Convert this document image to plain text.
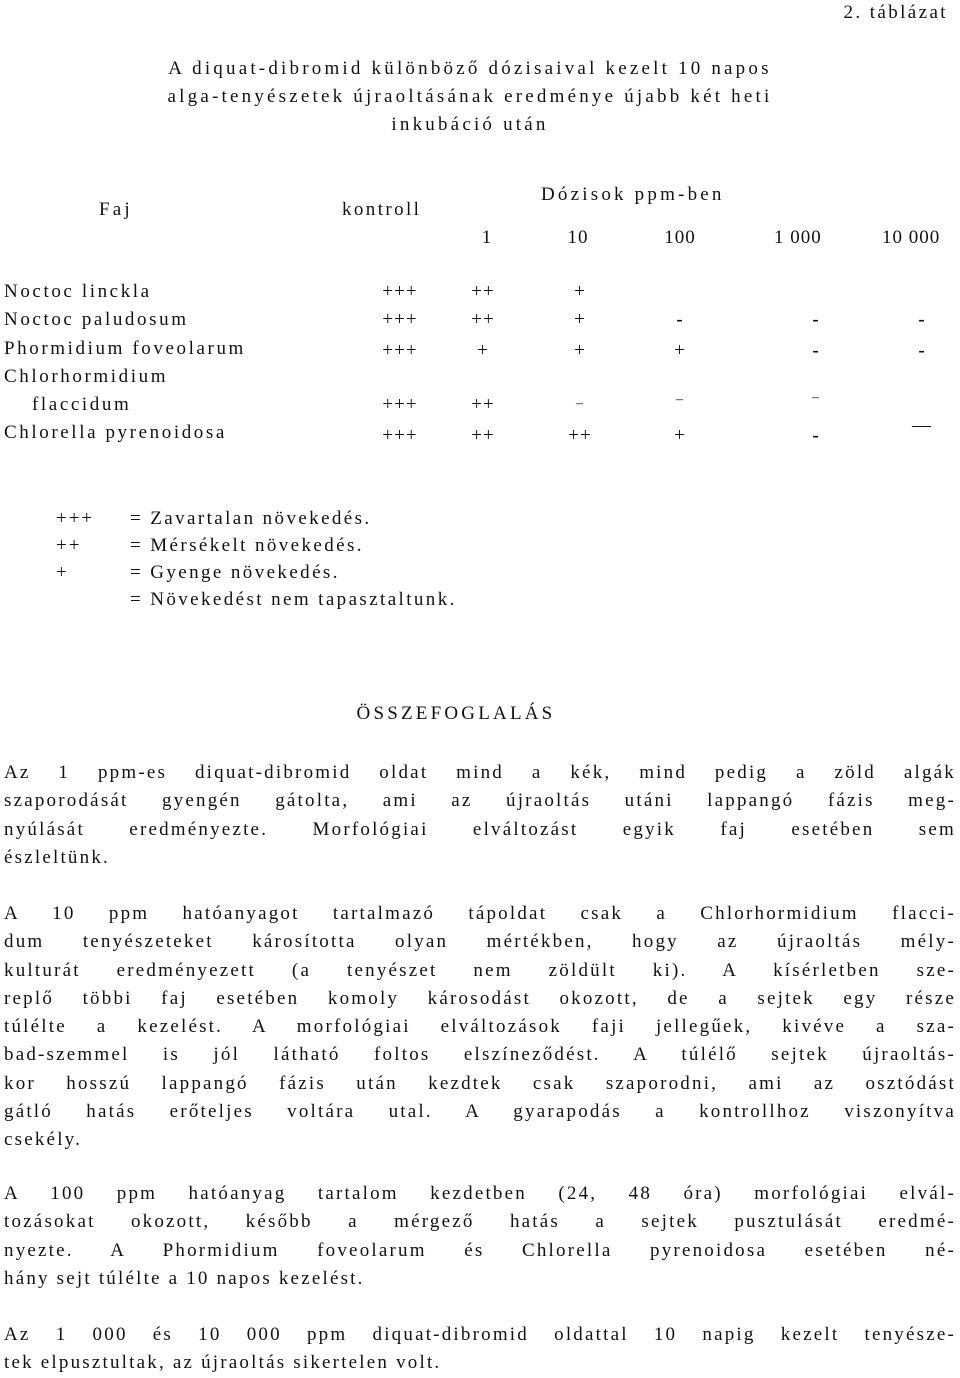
2. táblázat
A diquat-dibromid különböző dózisaival kezelt 10 napos
alga-tenyészetek újraoltásának eredménye újabb két heti
inkubáció után
Faj	kontroll
Dózisok ppm-ben
1	10	100	1 000	10 000
Noctoc linckla	+++	++	+
Noctoc paludosum	+++	++	+	-	-	-
Phormidium foveolarum	+++	+	+	+	-	-
Chlorhormidium
flaccidum	+++	++	–	–	–
Chlorella pyrenoidosa	+++	++	++	+	-	—
+++ = Zavartalan növekedés.
++	= Mérsékelt növekedés.
+	= Gyenge növekedés.
= Növekedést nem tapasztaltunk.
ÖSSZEFOGLALÁS
Az 1 ppm-es diquat-dibromid oldat mind a kék, mind pedig a zöld algák
szaporodását gyengén gátolta, ami az újraoltás utáni lappangó fázis meg-
nyúlását eredményezte. Morfológiai elváltozást egyik faj esetében sem
észleltünk.
A 10 ppm hatóanyagot tartalmazó tápoldat csak a Chlorhormidium flacci-
dum tenyészeteket károsította olyan mértékben, hogy az újraoltás mély-
kulturát eredményezett (a tenyészet nem zöldült ki). A kísérletben sze-
replő többi faj esetében komoly károsodást okozott, de a sejtek egy része
túlélte a kezelést. A morfológiai elváltozások faji jellegűek, kivéve a sza-
bad-szemmel is jól látható foltos elszíneződést. A túlélő sejtek újraoltás-
kor hosszú lappangó fázis után kezdtek csak szaporodni, ami az osztódást
gátló hatás erőteljes voltára utal. A gyarapodás a kontrollhoz viszonyítva
csekély.
A 100 ppm hatóanyag tartalom kezdetben (24, 48 óra) morfológiai elvál-
tozásokat okozott, később a mérgező hatás a sejtek pusztulását eredmé-
nyezte. A Phormidium foveolarum és Chlorella pyrenoidosa esetében né-
hány sejt túlélte a 10 napos kezelést.
Az 1 000 és 10 000 ppm diquat-dibromid oldattal 10 napig kezelt tenyésze-
tek elpusztultak, az újraoltás sikertelen volt.
